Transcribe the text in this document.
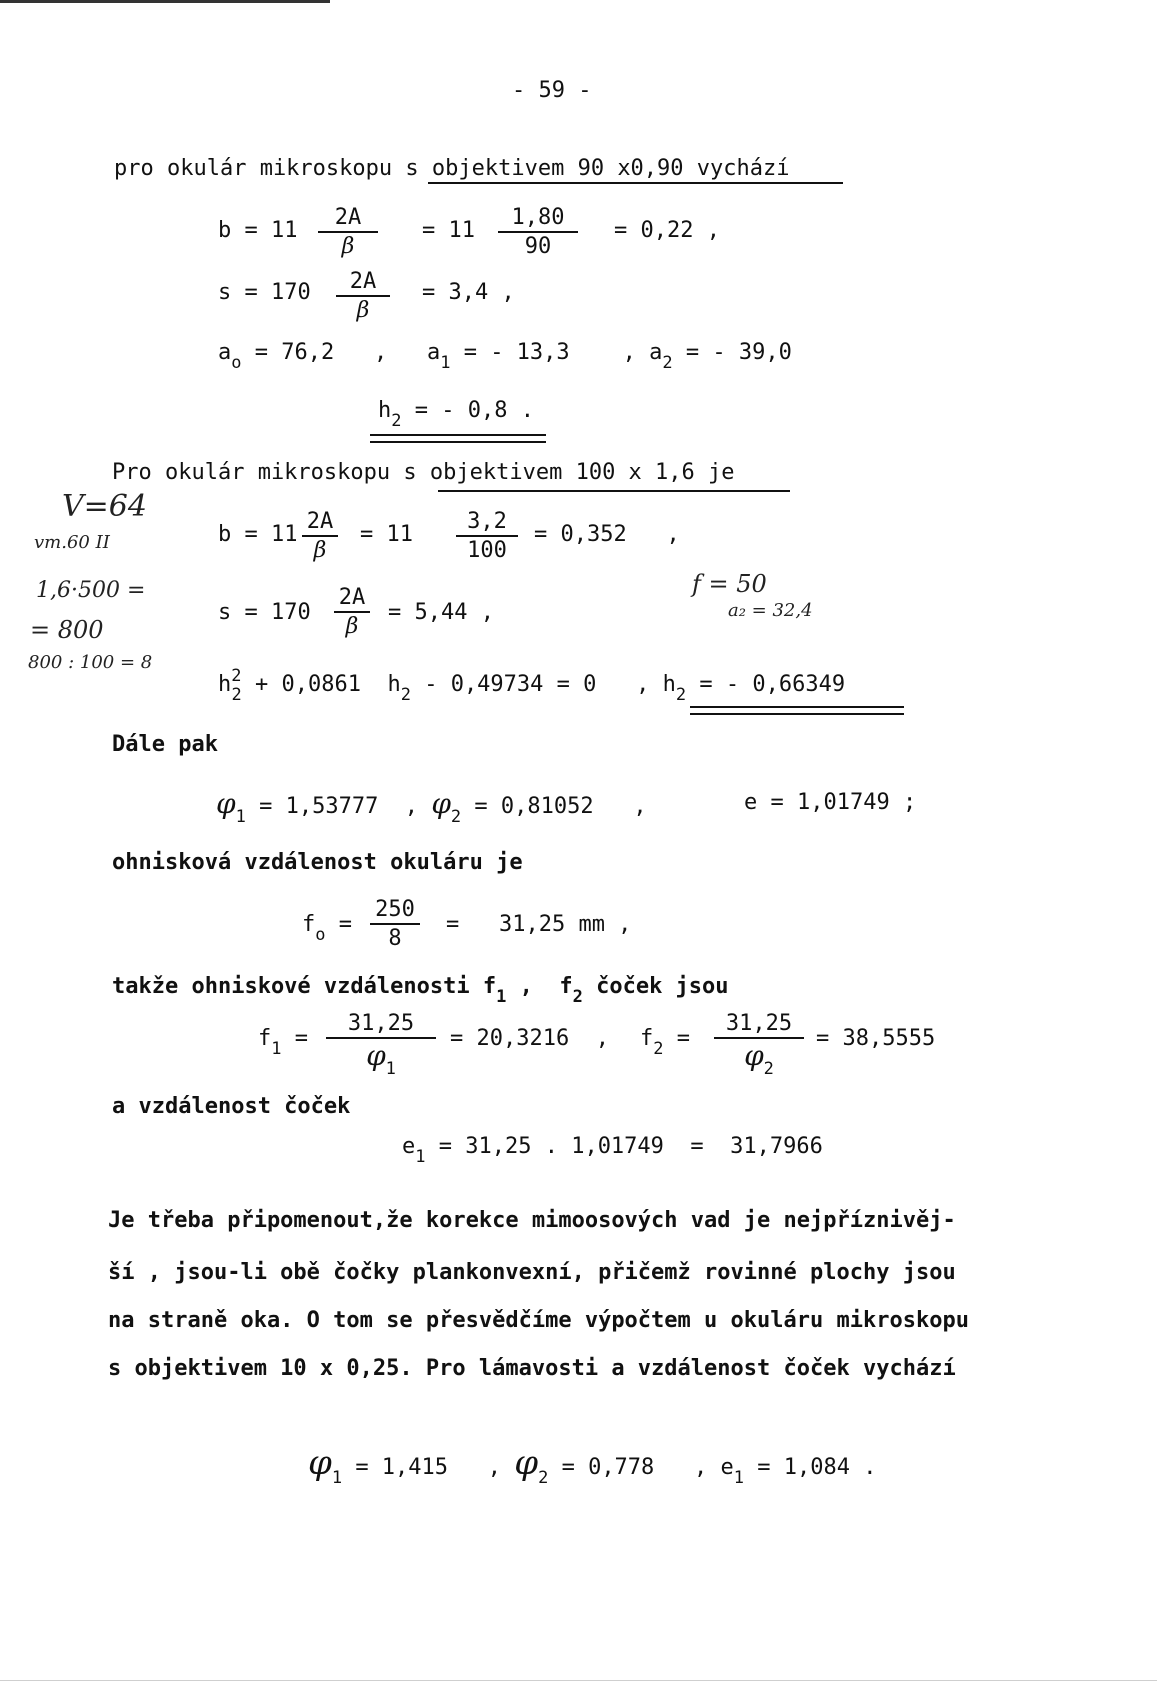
- 59 -
pro okulár mikroskopu s objektivem 90 x0,90 vychází
b = 11
2A
β
= 11
1,80
90
= 0,22 ,
s = 170	2A
β
= 3,4 ,
$a_o = 76,2$   , $a_1$ = - 13,3    , $a_2$ = - 39,0
$h_2$ = - 0,8 .
Pro okulár mikroskopu s objektivem 100 x 1,6 je
b = 11
2A
β
= 11
3,2
100
= 0,352   ,
s = 170
2A
β
= 5,44 ,
$h^2_2 + 0,0861$  $h_2 - 0,49734 = 0$   , $h_2$ = - 0,66349
V=64
vm.60 II
1,6·500 =
= 800
800 : 100 = 8
f = 50
a₂ = 32,4
Dále pak
$\varphi_1 = 1,53777$  , $\varphi_2 = 0,81052$   ,	e = 1,01749 ;
ohnisková vzdálenost okuláru je
$f_o$ =
250
8
=   31,25 mm ,
takže ohniskové vzdálenosti $f_1$ ,  $f_2$ čoček jsou
$f_1$ =
31,25
$\varphi_1$
= 20,3216  , $f_2$ =
31,25
$\varphi_2$
= 38,5555
a vzdálenost čoček
$e_1 = 31,25$ . 1,01749  =  31,7966
Je třeba připomenout,že korekce mimoosových vad je nejpříznivěj-
ší , jsou-li obě čočky plankonvexní, přičemž rovinné plochy jsou
na straně oka. O tom se přesvědčíme výpočtem u okuláru mikroskopu
s objektivem 10 x 0,25. Pro lámavosti a vzdálenost čoček vychází
$\varphi_1 = 1,415$   , $\varphi_2 = 0,778$   , $e_1 = 1,084$ .
